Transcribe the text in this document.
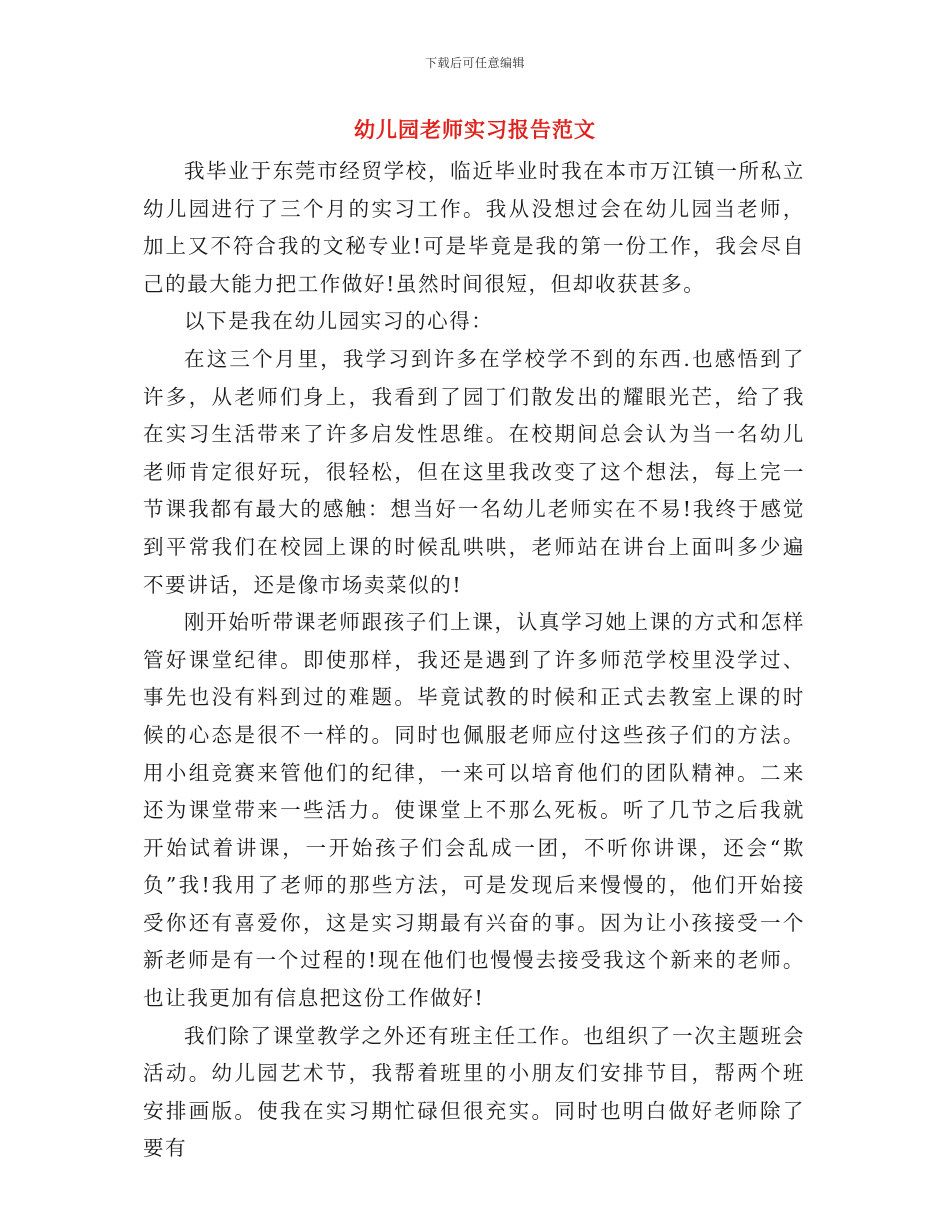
下载后可任意编辑
幼儿园老师实习报告范文

我毕业于东莞市经贸学校，临近毕业时我在本市万江镇一所私立幼儿园进行了三个月的实习工作。我从没想过会在幼儿园当老师，加上又不符合我的文秘专业!可是毕竟是我的第一份工作，我会尽自己的最大能力把工作做好!虽然时间很短，但却收获甚多。

以下是我在幼儿园实习的心得：

在这三个月里，我学习到许多在学校学不到的东西.也感悟到了许多，从老师们身上，我看到了园丁们散发出的耀眼光芒，给了我在实习生活带来了许多启发性思维。在校期间总会认为当一名幼儿老师肯定很好玩，很轻松，但在这里我改变了这个想法，每上完一节课我都有最大的感触：想当好一名幼儿老师实在不易!我终于感觉到平常我们在校园上课的时候乱哄哄，老师站在讲台上面叫多少遍不要讲话，还是像市场卖菜似的!

刚开始听带课老师跟孩子们上课，认真学习她上课的方式和怎样管好课堂纪律。即使那样，我还是遇到了许多师范学校里没学过、事先也没有料到过的难题。毕竟试教的时候和正式去教室上课的时候的心态是很不一样的。同时也佩服老师应付这些孩子们的方法。用小组竞赛来管他们的纪律，一来可以培育他们的团队精神。二来还为课堂带来一些活力。使课堂上不那么死板。听了几节之后我就开始试着讲课，一开始孩子们会乱成一团，不听你讲课，还会“欺负”我!我用了老师的那些方法，可是发现后来慢慢的，他们开始接受你还有喜爱你，这是实习期最有兴奋的事。因为让小孩接受一个新老师是有一个过程的!现在他们也慢慢去接受我这个新来的老师。也让我更加有信息把这份工作做好!

我们除了课堂教学之外还有班主任工作。也组织了一次主题班会活动。幼儿园艺术节，我帮着班里的小朋友们安排节目，帮两个班安排画版。使我在实习期忙碌但很充实。同时也明白做好老师除了要有
